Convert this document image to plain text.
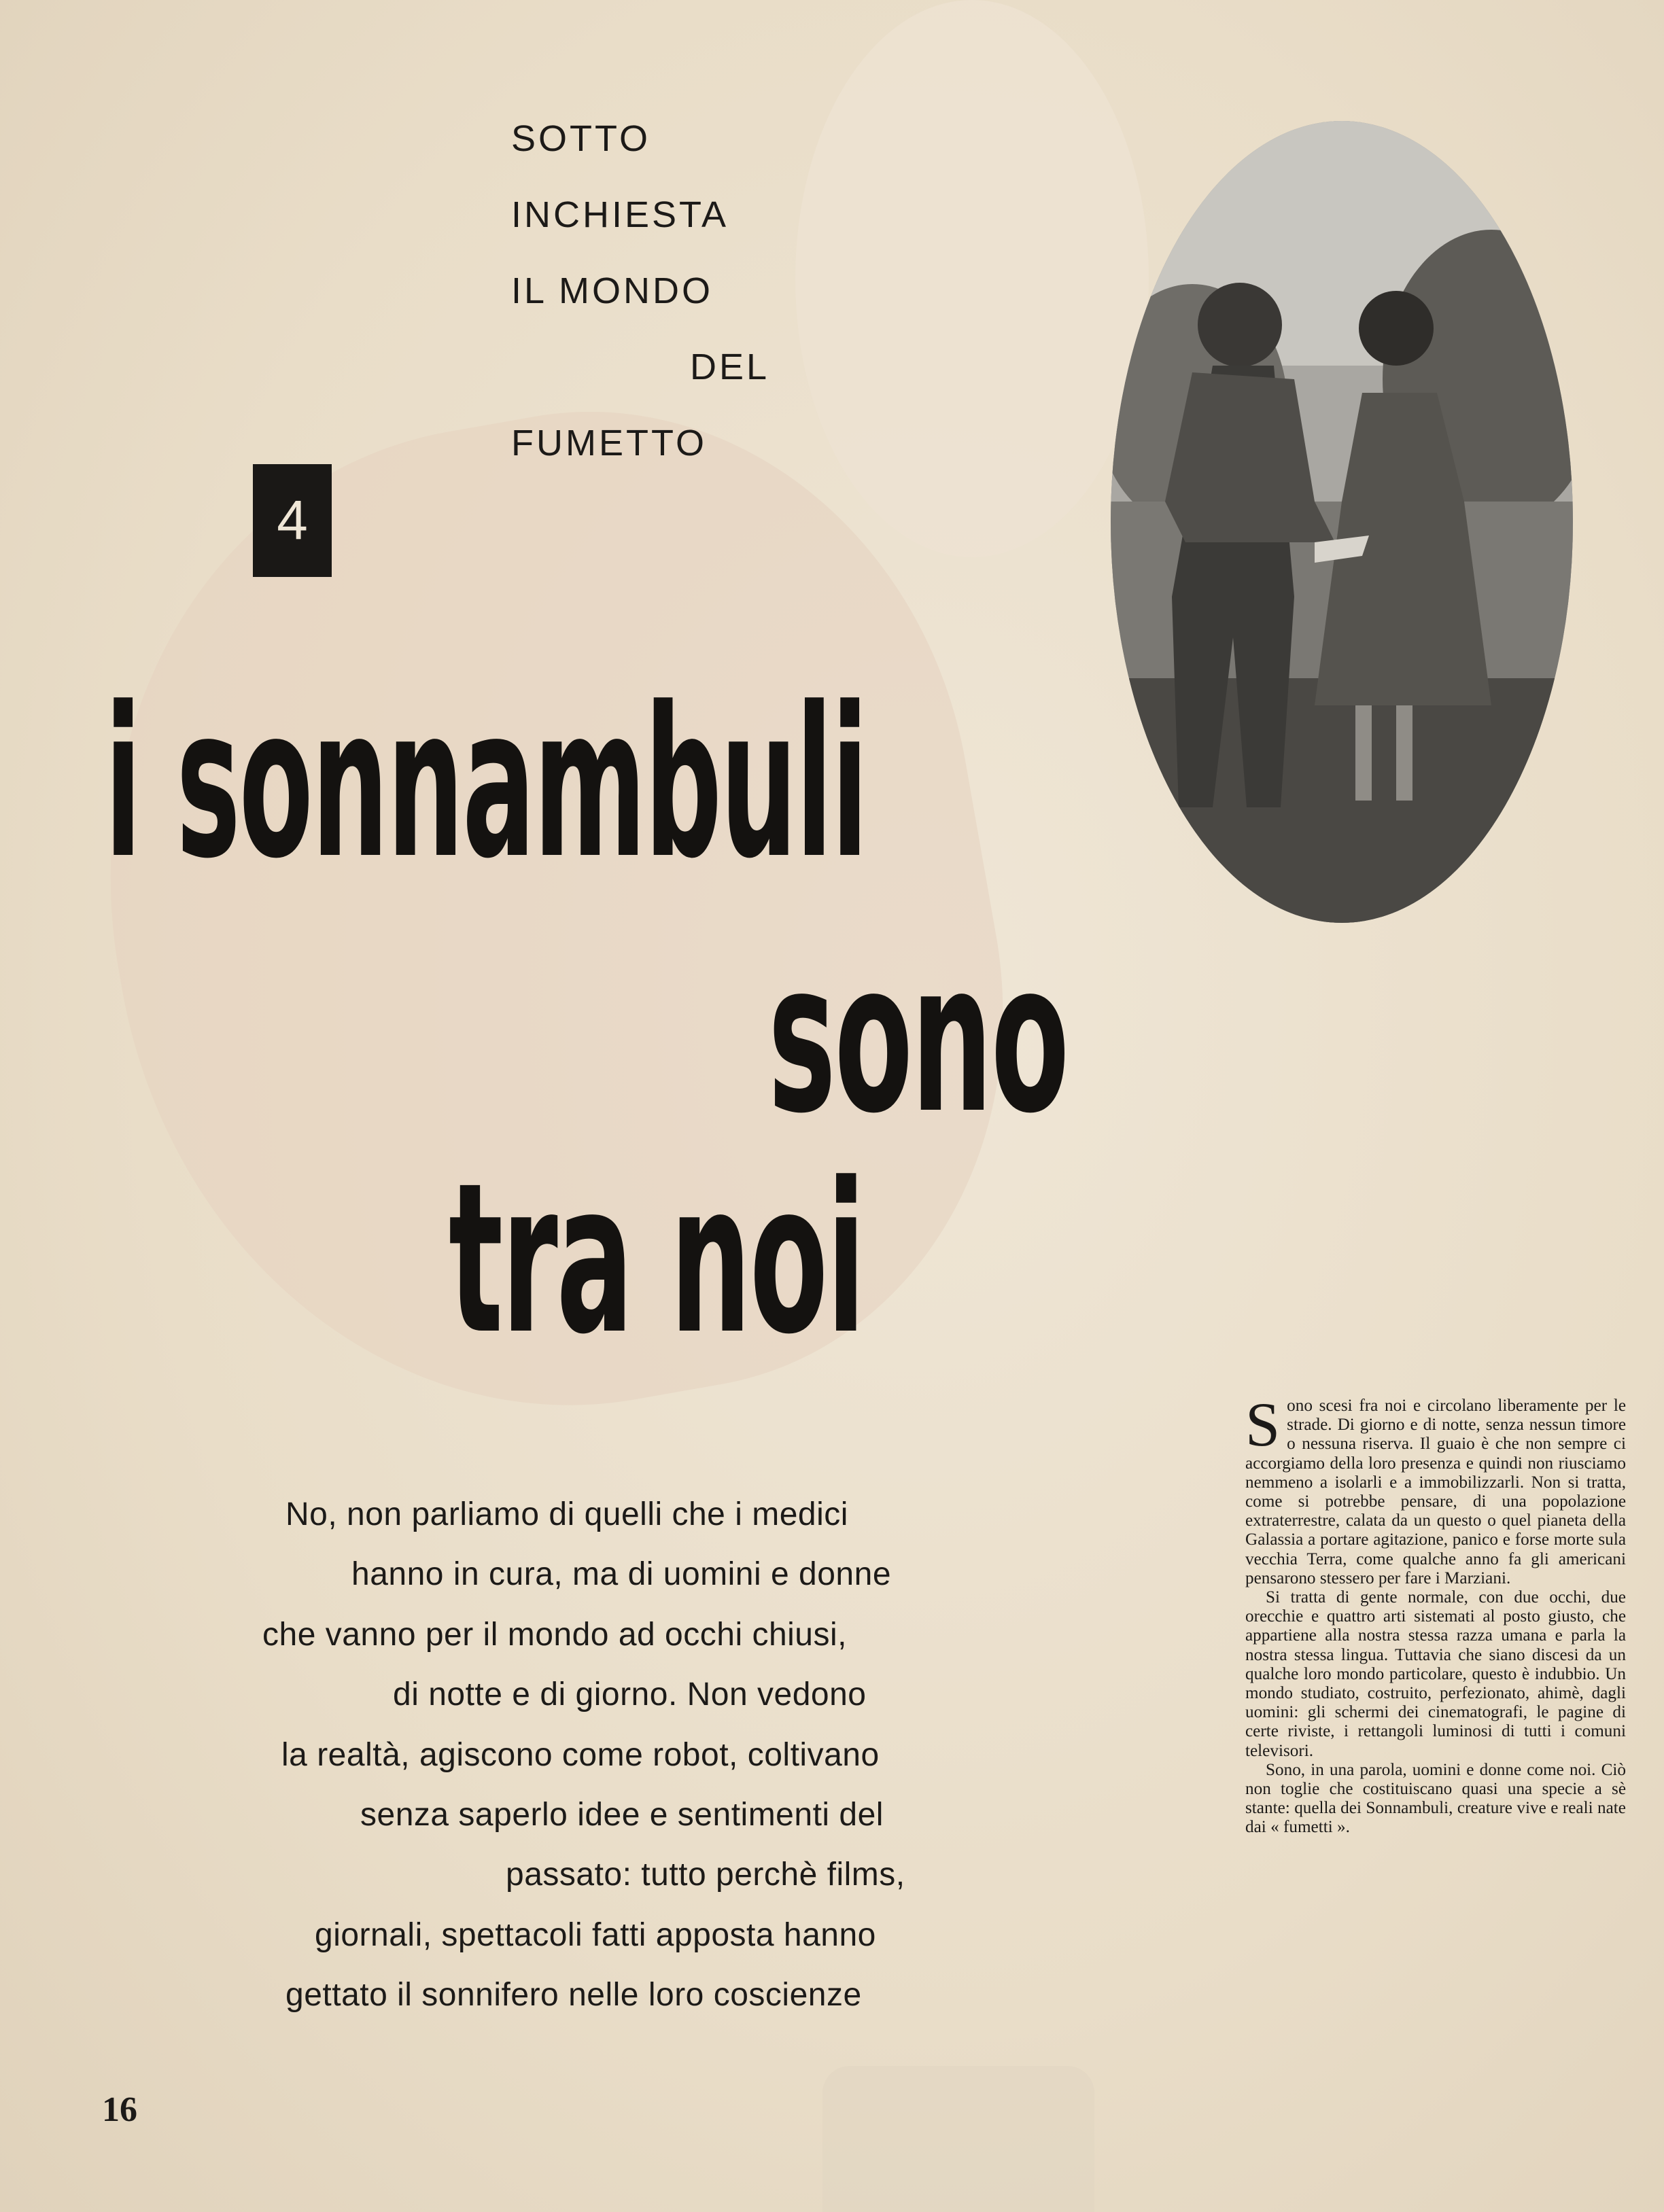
SOTTO
INCHIESTA
IL MONDO
DEL
FUMETTO
4
i sonnambuli
sono
tra noi
No, non parliamo di quelli che i medici
hanno in cura, ma di uomini e donne
che vanno per il mondo ad occhi chiusi,
di notte e di giorno. Non vedono
la realtà, agiscono come robot, coltivano
senza saperlo idee e sentimenti del
passato: tutto perchè films,
giornali, spettacoli fatti apposta hanno
gettato il sonnifero nelle loro coscienze

Sono scesi fra noi e circolano liberamente per le strade. Di giorno e di notte, senza nessun timore o nessuna riserva. Il guaio è che non sempre ci accorgiamo della loro presenza e quindi non riusciamo nemmeno a isolarli e a immobilizzarli. Non si tratta, come si potrebbe pensare, di una popolazione extraterrestre, calata da un questo o quel pianeta della Galassia a portare agitazione, panico e forse morte sula vecchia Terra, come qualche anno fa gli americani pensarono stessero per fare i Marziani.

Si tratta di gente normale, con due occhi, due orecchie e quattro arti sistemati al posto giusto, che appartiene alla nostra stessa razza umana e parla la nostra stessa lingua. Tuttavia che siano discesi da un qualche loro mondo particolare, questo è indubbio. Un mondo studiato, costruito, perfezionato, ahimè, dagli uomini: gli schermi dei cinematografi, le pagine di certe riviste, i rettangoli luminosi di tutti i comuni televisori.

Sono, in una parola, uomini e donne come noi. Ciò non toglie che costituiscano quasi una specie a sè stante: quella dei Sonnambuli, creature vive e reali nate dai « fumetti ».

16
